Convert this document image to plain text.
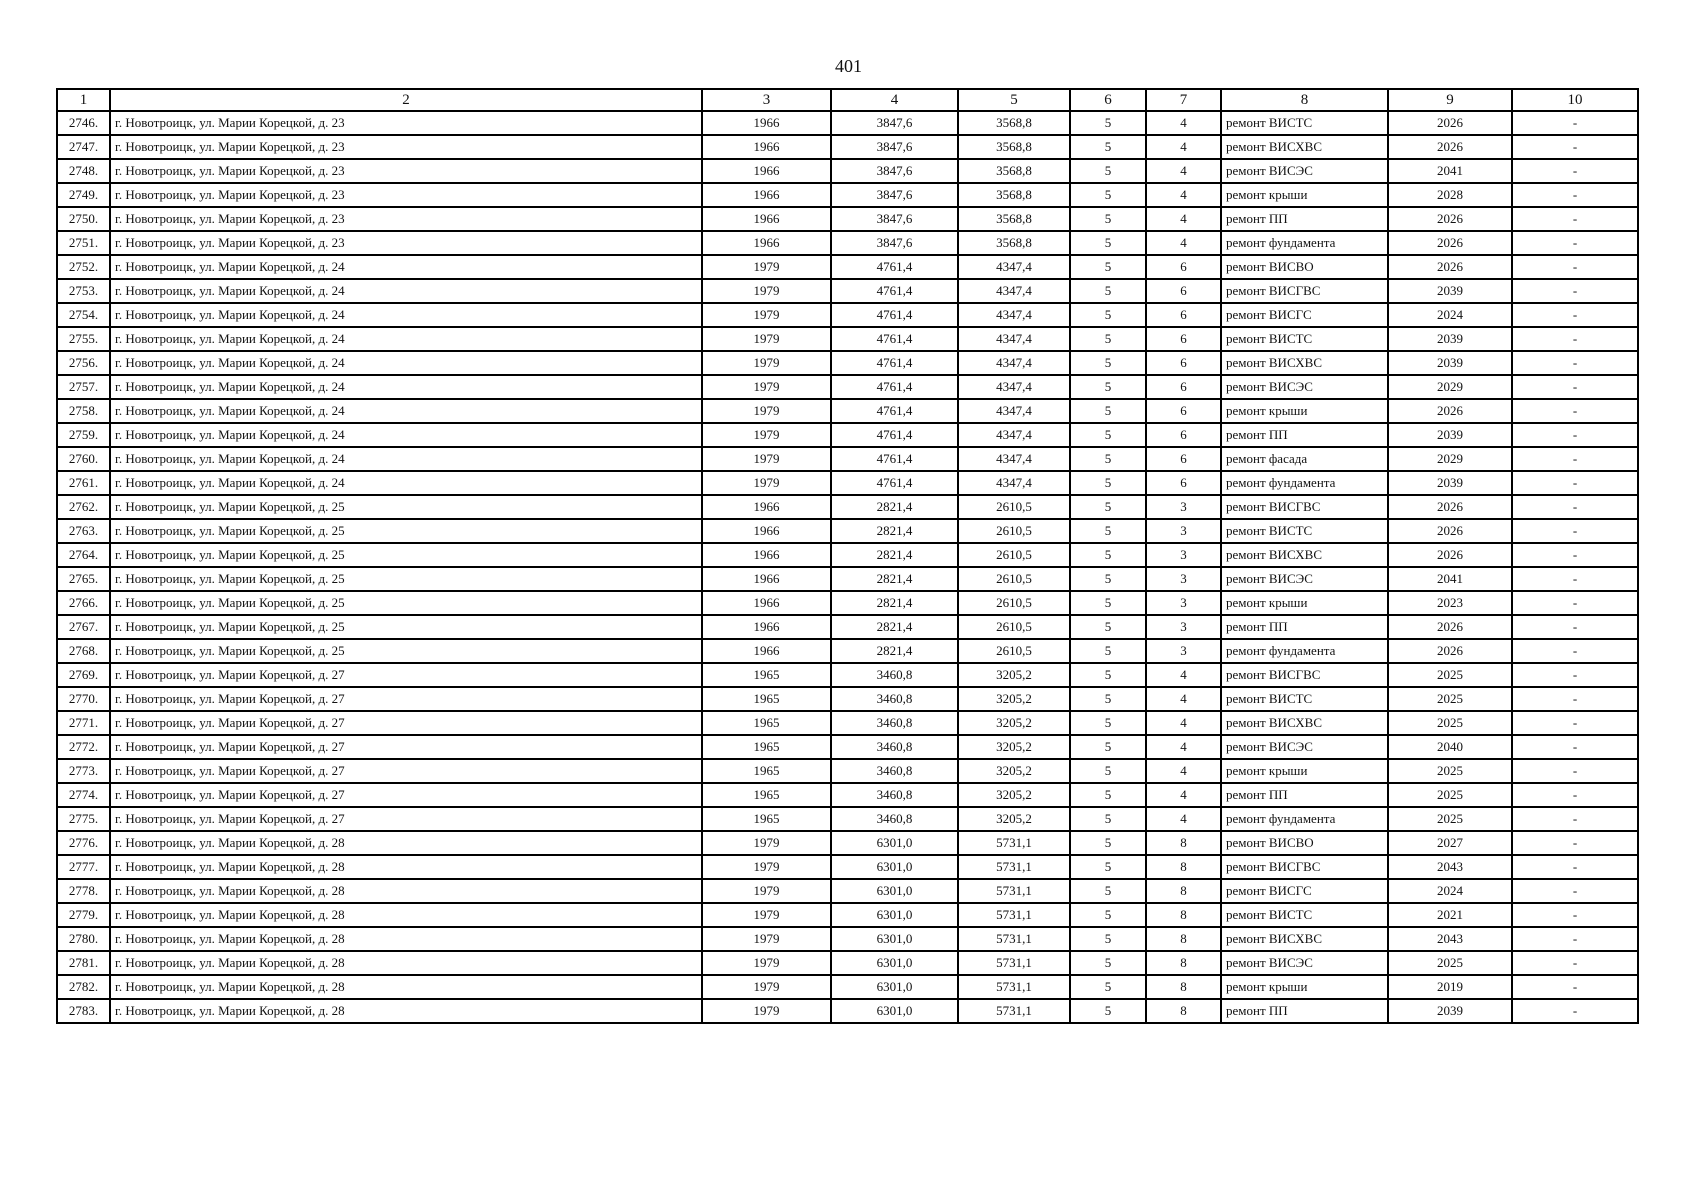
401
1	2	3	4	5	6	7	8	9	10
2746.	г. Новотроицк, ул. Марии Корецкой, д. 23	1966	3847,6	3568,8	5	4	ремонт ВИСТС	2026	-
2747.	г. Новотроицк, ул. Марии Корецкой, д. 23	1966	3847,6	3568,8	5	4	ремонт ВИСХВС	2026	-
2748.	г. Новотроицк, ул. Марии Корецкой, д. 23	1966	3847,6	3568,8	5	4	ремонт ВИСЭС	2041	-
2749.	г. Новотроицк, ул. Марии Корецкой, д. 23	1966	3847,6	3568,8	5	4	ремонт крыши	2028	-
2750.	г. Новотроицк, ул. Марии Корецкой, д. 23	1966	3847,6	3568,8	5	4	ремонт ПП	2026	-
2751.	г. Новотроицк, ул. Марии Корецкой, д. 23	1966	3847,6	3568,8	5	4	ремонт фундамента	2026	-
2752.	г. Новотроицк, ул. Марии Корецкой, д. 24	1979	4761,4	4347,4	5	6	ремонт ВИСВО	2026	-
2753.	г. Новотроицк, ул. Марии Корецкой, д. 24	1979	4761,4	4347,4	5	6	ремонт ВИСГВС	2039	-
2754.	г. Новотроицк, ул. Марии Корецкой, д. 24	1979	4761,4	4347,4	5	6	ремонт ВИСГС	2024	-
2755.	г. Новотроицк, ул. Марии Корецкой, д. 24	1979	4761,4	4347,4	5	6	ремонт ВИСТС	2039	-
2756.	г. Новотроицк, ул. Марии Корецкой, д. 24	1979	4761,4	4347,4	5	6	ремонт ВИСХВС	2039	-
2757.	г. Новотроицк, ул. Марии Корецкой, д. 24	1979	4761,4	4347,4	5	6	ремонт ВИСЭС	2029	-
2758.	г. Новотроицк, ул. Марии Корецкой, д. 24	1979	4761,4	4347,4	5	6	ремонт крыши	2026	-
2759.	г. Новотроицк, ул. Марии Корецкой, д. 24	1979	4761,4	4347,4	5	6	ремонт ПП	2039	-
2760.	г. Новотроицк, ул. Марии Корецкой, д. 24	1979	4761,4	4347,4	5	6	ремонт фасада	2029	-
2761.	г. Новотроицк, ул. Марии Корецкой, д. 24	1979	4761,4	4347,4	5	6	ремонт фундамента	2039	-
2762.	г. Новотроицк, ул. Марии Корецкой, д. 25	1966	2821,4	2610,5	5	3	ремонт ВИСГВС	2026	-
2763.	г. Новотроицк, ул. Марии Корецкой, д. 25	1966	2821,4	2610,5	5	3	ремонт ВИСТС	2026	-
2764.	г. Новотроицк, ул. Марии Корецкой, д. 25	1966	2821,4	2610,5	5	3	ремонт ВИСХВС	2026	-
2765.	г. Новотроицк, ул. Марии Корецкой, д. 25	1966	2821,4	2610,5	5	3	ремонт ВИСЭС	2041	-
2766.	г. Новотроицк, ул. Марии Корецкой, д. 25	1966	2821,4	2610,5	5	3	ремонт крыши	2023	-
2767.	г. Новотроицк, ул. Марии Корецкой, д. 25	1966	2821,4	2610,5	5	3	ремонт ПП	2026	-
2768.	г. Новотроицк, ул. Марии Корецкой, д. 25	1966	2821,4	2610,5	5	3	ремонт фундамента	2026	-
2769.	г. Новотроицк, ул. Марии Корецкой, д. 27	1965	3460,8	3205,2	5	4	ремонт ВИСГВС	2025	-
2770.	г. Новотроицк, ул. Марии Корецкой, д. 27	1965	3460,8	3205,2	5	4	ремонт ВИСТС	2025	-
2771.	г. Новотроицк, ул. Марии Корецкой, д. 27	1965	3460,8	3205,2	5	4	ремонт ВИСХВС	2025	-
2772.	г. Новотроицк, ул. Марии Корецкой, д. 27	1965	3460,8	3205,2	5	4	ремонт ВИСЭС	2040	-
2773.	г. Новотроицк, ул. Марии Корецкой, д. 27	1965	3460,8	3205,2	5	4	ремонт крыши	2025	-
2774.	г. Новотроицк, ул. Марии Корецкой, д. 27	1965	3460,8	3205,2	5	4	ремонт ПП	2025	-
2775.	г. Новотроицк, ул. Марии Корецкой, д. 27	1965	3460,8	3205,2	5	4	ремонт фундамента	2025	-
2776.	г. Новотроицк, ул. Марии Корецкой, д. 28	1979	6301,0	5731,1	5	8	ремонт ВИСВО	2027	-
2777.	г. Новотроицк, ул. Марии Корецкой, д. 28	1979	6301,0	5731,1	5	8	ремонт ВИСГВС	2043	-
2778.	г. Новотроицк, ул. Марии Корецкой, д. 28	1979	6301,0	5731,1	5	8	ремонт ВИСГС	2024	-
2779.	г. Новотроицк, ул. Марии Корецкой, д. 28	1979	6301,0	5731,1	5	8	ремонт ВИСТС	2021	-
2780.	г. Новотроицк, ул. Марии Корецкой, д. 28	1979	6301,0	5731,1	5	8	ремонт ВИСХВС	2043	-
2781.	г. Новотроицк, ул. Марии Корецкой, д. 28	1979	6301,0	5731,1	5	8	ремонт ВИСЭС	2025	-
2782.	г. Новотроицк, ул. Марии Корецкой, д. 28	1979	6301,0	5731,1	5	8	ремонт крыши	2019	-
2783.	г. Новотроицк, ул. Марии Корецкой, д. 28	1979	6301,0	5731,1	5	8	ремонт ПП	2039	-
